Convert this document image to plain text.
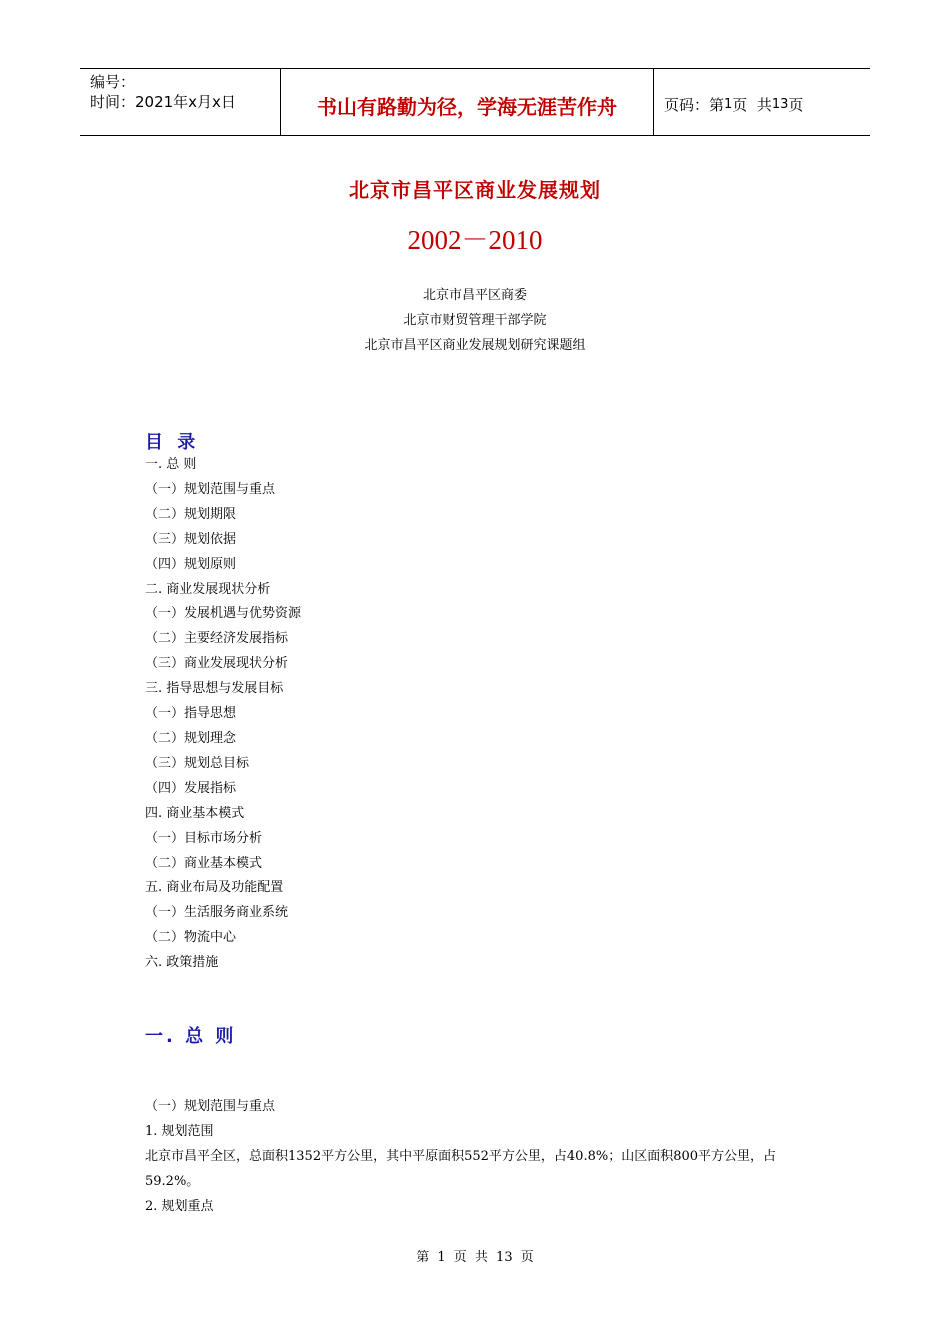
编号：
时间：2021年x月x日	书山有路勤为径，学海无涯苦作舟	页码：第 1 页  共 13 页
北京市昌平区商业发展规划
2002－2010
北京市昌平区商委
北京市财贸管理干部学院
北京市昌平区商业发展规划研究课题组
目 录
一. 总 则
（一）规划范围与重点
（二）规划期限
（三）规划依据
（四）规划原则
二. 商业发展现状分析
（一）发展机遇与优势资源
（二）主要经济发展指标
（三）商业发展现状分析
三. 指导思想与发展目标
（一）指导思想
（二）规划理念
（三）规划总目标
（四）发展指标
四. 商业基本模式
（一）目标市场分析
（二）商业基本模式
五. 商业布局及功能配置
（一）生活服务商业系统
（二）物流中心
六. 政策措施
一. 总 则
（一）规划范围与重点
1. 规划范围
北京市昌平全区，总面积1352平方公里，其中平原面积552平方公里，占40.8%；山区面积800平方公里，占59.2%。
2. 规划重点
第 1 页 共 13 页
